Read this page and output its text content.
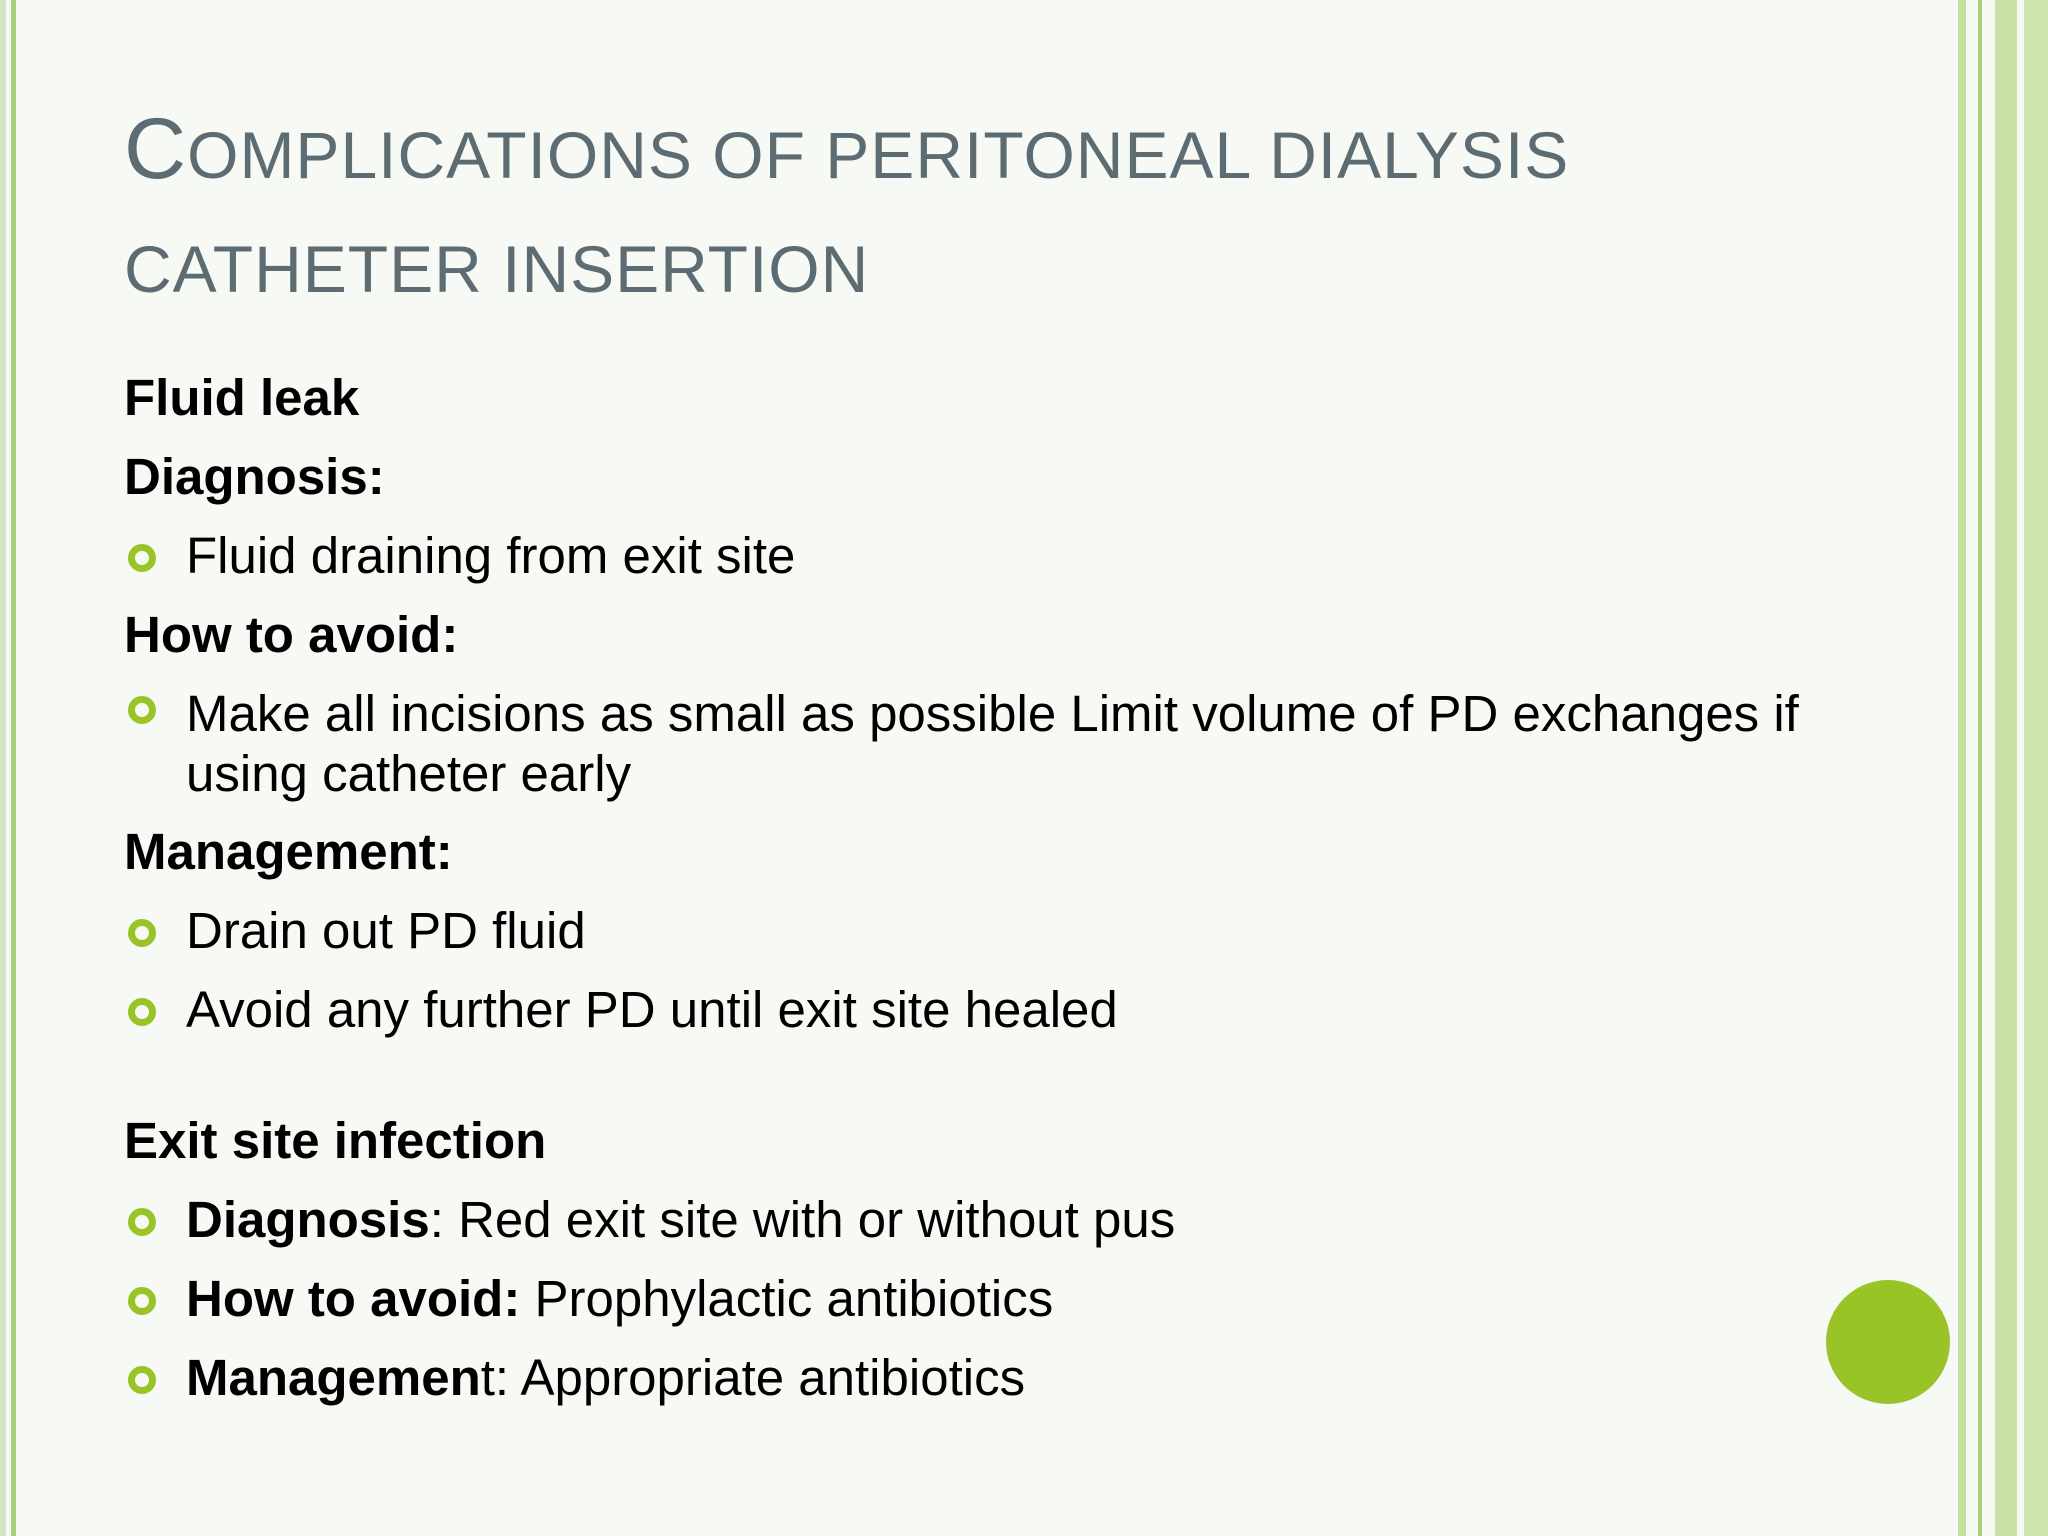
COMPLICATIONS OF PERITONEAL DIALYSIS
CATHETER INSERTION
Fluid leak
Diagnosis:
Fluid draining from exit site
How to avoid:
Make all incisions as small as possible Limit volume of PD exchanges if using catheter early
Management:
Drain out PD fluid
Avoid any further PD until exit site healed
Exit site infection
Diagnosis: Red exit site with or without pus
How to avoid: Prophylactic antibiotics
Management: Appropriate antibiotics
